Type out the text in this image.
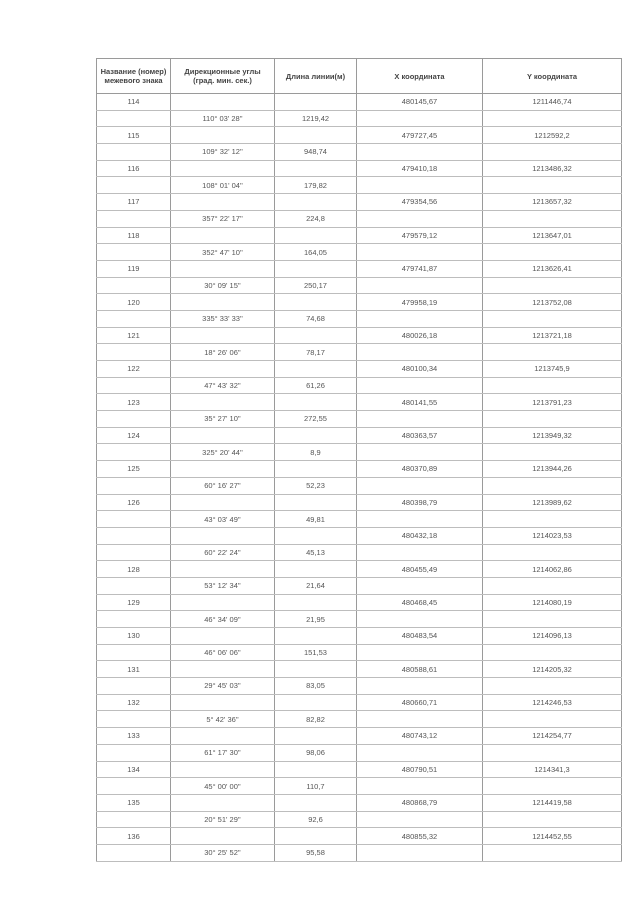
Название (номер) межевого знака	Дирекционные углы (град. мин. сек.)	Длина линии(м)	X координата	Y координата
114			480145,67	1211446,74
	110° 03' 28''	1219,42		
115			479727,45	1212592,2
	109° 32' 12''	948,74		
116			479410,18	1213486,32
	108° 01' 04''	179,82		
117			479354,56	1213657,32
	357° 22' 17''	224,8		
118			479579,12	1213647,01
	352° 47' 10''	164,05		
119			479741,87	1213626,41
	30° 09' 15''	250,17		
120			479958,19	1213752,08
	335° 33' 33''	74,68		
121			480026,18	1213721,18
	18° 26' 06''	78,17		
122			480100,34	1213745,9
	47° 43' 32''	61,26		
123			480141,55	1213791,23
	35° 27' 10''	272,55		
124			480363,57	1213949,32
	325° 20' 44''	8,9		
125			480370,89	1213944,26
	60° 16' 27''	52,23		
126			480398,79	1213989,62
	43° 03' 49''	49,81		
			480432,18	1214023,53
	60° 22' 24''	45,13		
128			480455,49	1214062,86
	53° 12' 34''	21,64		
129			480468,45	1214080,19
	46° 34' 09''	21,95		
130			480483,54	1214096,13
	46° 06' 06''	151,53		
131			480588,61	1214205,32
	29° 45' 03''	83,05		
132			480660,71	1214246,53
	5° 42' 36''	82,82		
133			480743,12	1214254,77
	61° 17' 30''	98,06		
134			480790,51	1214341,3
	45° 00' 00''	110,7		
135			480868,79	1214419,58
	20° 51' 29''	92,6		
136			480855,32	1214452,55
	30° 25' 52''	95,58		
